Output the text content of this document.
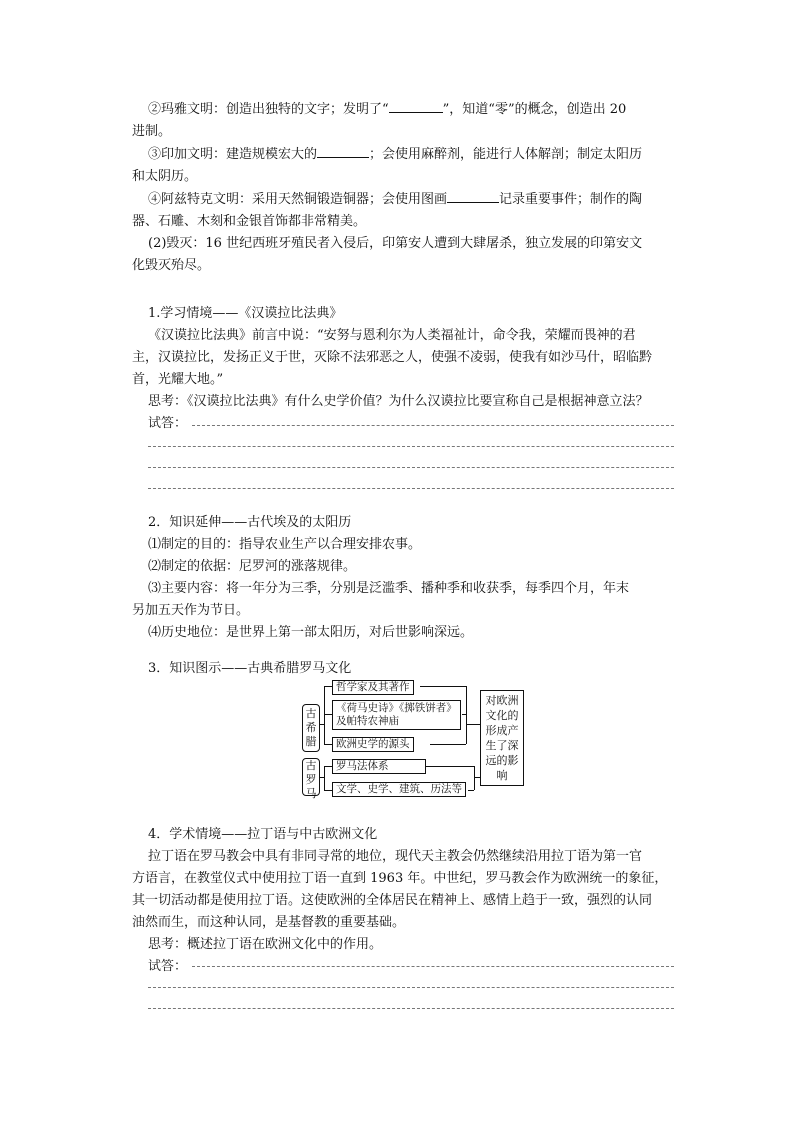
②玛雅文明：创造出独特的文字；发明了“	”，知道“零”的概念，创造出 20

进制。

③印加文明：建造规模宏大的	；会使用麻醉剂，能进行人体解剖；制定太阳历

和太阴历。

④阿兹特克文明：采用天然铜锻造铜器；会使用图画	记录重要事件；制作的陶

器、石雕、木刻和金银首饰都非常精美。

(2)毁灭：16 世纪西班牙殖民者入侵后，印第安人遭到大肆屠杀，独立发展的印第安文

化毁灭殆尽。

1.学习情境——《汉谟拉比法典》

《汉谟拉比法典》前言中说：“安努与恩利尔为人类福祉计，命令我，荣耀而畏神的君

主，汉谟拉比，发扬正义于世，灭除不法邪恶之人，使强不凌弱，使我有如沙马什，昭临黔

首，光耀大地。”

思考：《汉谟拉比法典》有什么史学价值？为什么汉谟拉比要宣称自己是根据神意立法？

试答：

2．知识延伸——古代埃及的太阳历

⑴制定的目的：指导农业生产以合理安排农事。

⑵制定的依据：尼罗河的涨落规律。

⑶主要内容：将一年分为三季，分别是泛滥季、播种季和收获季，每季四个月，年末

另加五天作为节日。

⑷历史地位：是世界上第一部太阳历，对后世影响深远。

3．知识图示——古典希腊罗马文化

古希腊
古罗马
哲学家及其著作
《荷马史诗》《掷铁饼者》
及帕特农神庙
欧洲史学的源头
罗马法体系
文学、史学、建筑、历法等
对欧洲
文化的
形成产
生了深
远的影
响

4．学术情境——拉丁语与中古欧洲文化

拉丁语在罗马教会中具有非同寻常的地位，现代天主教会仍然继续沿用拉丁语为第一官

方语言，在教堂仪式中使用拉丁语一直到 1963 年。中世纪，罗马教会作为欧洲统一的象征，

其一切活动都是使用拉丁语。这使欧洲的全体居民在精神上、感情上趋于一致，强烈的认同

油然而生，而这种认同，是基督教的重要基础。

思考：概述拉丁语在欧洲文化中的作用。

试答：
